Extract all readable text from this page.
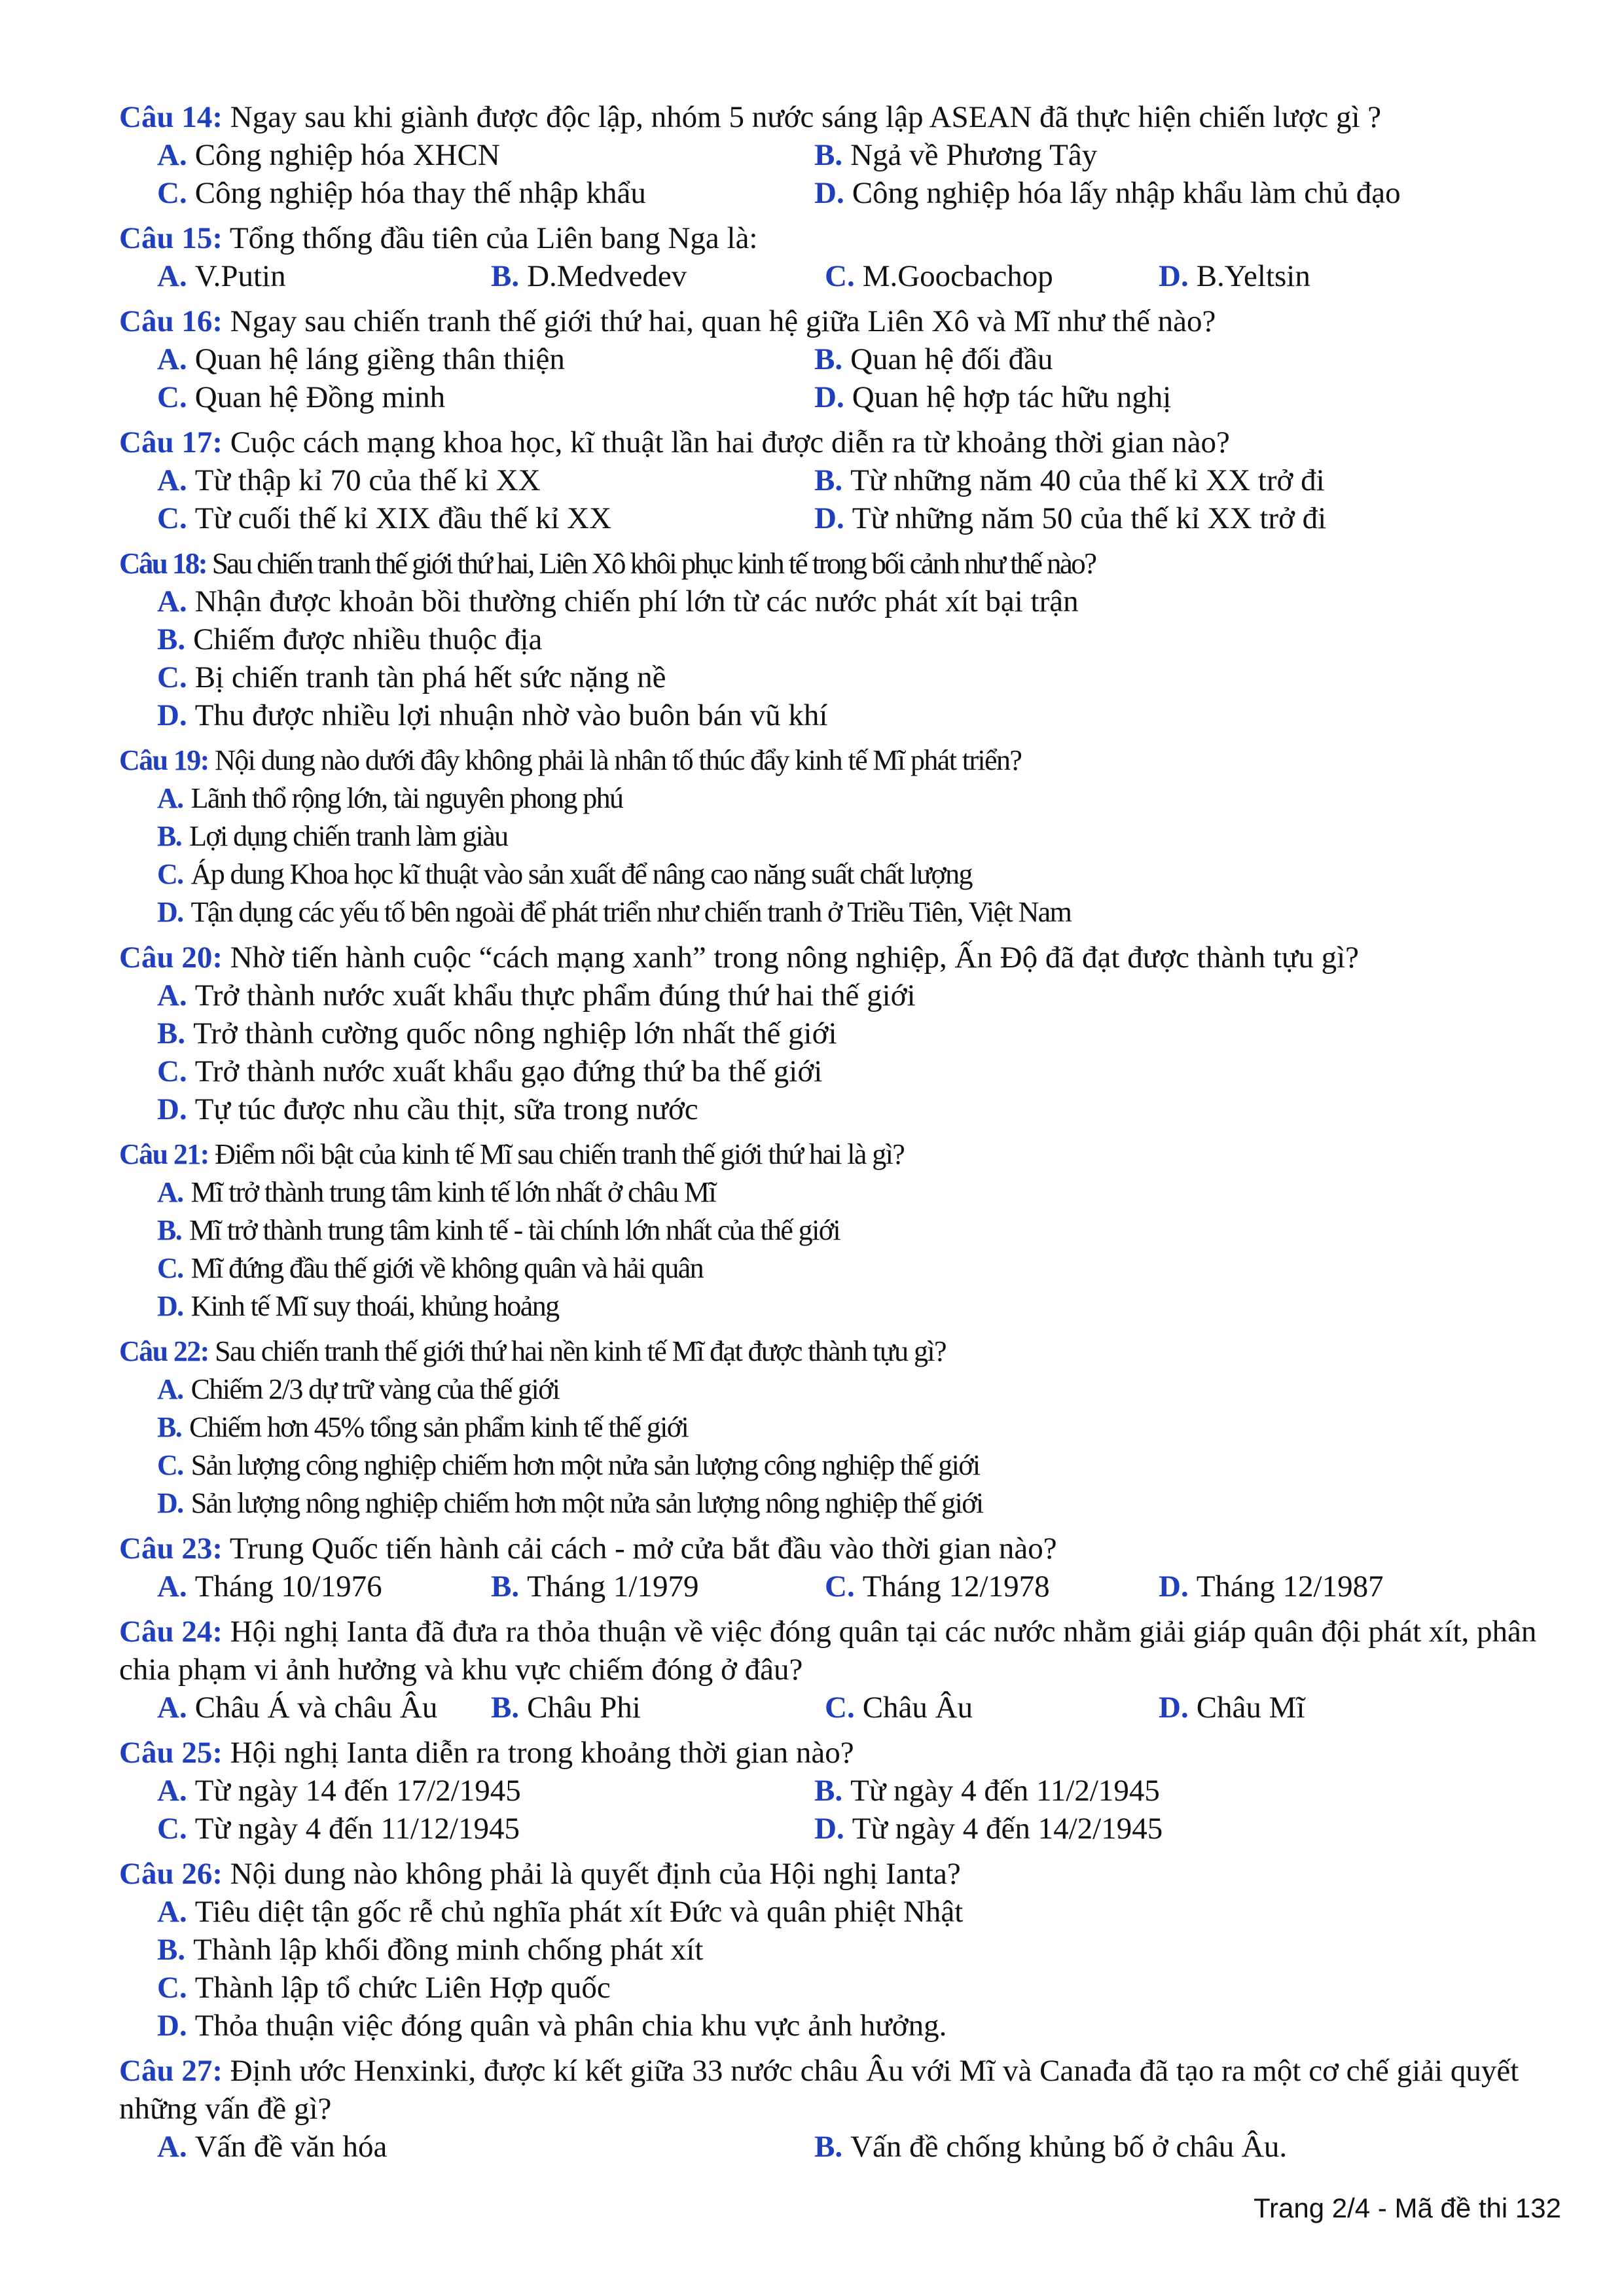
Câu 14: Ngay sau khi giành được độc lập, nhóm 5 nước sáng lập ASEAN đã thực hiện chiến lược gì ?
A. Công nghiệp hóa XHCN	B. Ngả về Phương Tây
C. Công nghiệp hóa thay thế nhập khẩu	D. Công nghiệp hóa lấy nhập khẩu làm chủ đạo
Câu 15: Tổng thống đầu tiên của Liên bang Nga là:
A. V.Putin	B. D.Medvedev	C. M.Goocbachop	D. B.Yeltsin
Câu 16: Ngay sau chiến tranh thế giới thứ hai, quan hệ giữa Liên Xô và Mĩ như thế nào?
A. Quan hệ láng giềng thân thiện	B. Quan hệ đối đầu
C. Quan hệ Đồng minh	D. Quan hệ hợp tác hữu nghị
Câu 17: Cuộc cách mạng khoa học, kĩ thuật lần hai được diễn ra từ khoảng thời gian nào?
A. Từ thập kỉ 70 của thế kỉ XX	B. Từ những năm 40 của thế kỉ XX trở đi
C. Từ cuối thế kỉ XIX đầu thế kỉ XX	D. Từ những năm 50 của thế kỉ XX trở đi
Câu 18: Sau chiến tranh thế giới thứ hai, Liên Xô khôi phục kinh tế trong bối cảnh như thế nào?
A. Nhận được khoản bồi thường chiến phí lớn từ các nước phát xít bại trận
B. Chiếm được nhiều thuộc địa
C. Bị chiến tranh tàn phá hết sức nặng nề
D. Thu được nhiều lợi nhuận nhờ vào buôn bán vũ khí
Câu 19: Nội dung nào dưới đây không phải là nhân tố thúc đẩy kinh tế Mĩ phát triển?
A. Lãnh thổ rộng lớn, tài nguyên phong phú
B. Lợi dụng chiến tranh làm giàu
C. Áp dung Khoa học kĩ thuật vào sản xuất để nâng cao năng suất chất lượng
D. Tận dụng các yếu tố bên ngoài để phát triển như chiến tranh ở Triều Tiên, Việt Nam
Câu 20: Nhờ tiến hành cuộc “cách mạng xanh” trong nông nghiệp, Ấn Độ đã đạt được thành tựu gì?
A. Trở thành nước xuất khẩu thực phẩm đúng thứ hai thế giới
B. Trở thành cường quốc nông nghiệp lớn nhất thế giới
C. Trở thành nước xuất khẩu gạo đứng thứ ba thế giới
D. Tự túc được nhu cầu thịt, sữa trong nước
Câu 21: Điểm nổi bật của kinh tế Mĩ sau chiến tranh thế giới thứ hai là gì?
A. Mĩ trở thành trung tâm kinh tế lớn nhất ở châu Mĩ
B. Mĩ trở thành trung tâm kinh tế - tài chính lớn nhất của thế giới
C. Mĩ đứng đầu thế giới về không quân và hải quân
D. Kinh tế Mĩ suy thoái, khủng hoảng
Câu 22: Sau chiến tranh thế giới thứ hai nền kinh tế Mĩ đạt được thành tựu gì?
A. Chiếm 2/3 dự trữ vàng của thế giới
B. Chiếm hơn 45% tổng sản phẩm kinh tế thế giới
C. Sản lượng công nghiệp chiếm hơn một nửa sản lượng công nghiệp thế giới
D. Sản lượng nông nghiệp chiếm hơn một nửa sản lượng nông nghiệp thế giới
Câu 23: Trung Quốc tiến hành cải cách - mở cửa bắt đầu vào thời gian nào?
A. Tháng 10/1976	B. Tháng 1/1979	C. Tháng 12/1978	D. Tháng 12/1987
Câu 24: Hội nghị Ianta đã đưa ra thỏa thuận về việc đóng quân tại các nước nhằm giải giáp quân đội phát xít, phân chia phạm vi ảnh hưởng và khu vực chiếm đóng ở đâu?
A. Châu Á và châu Âu	B. Châu Phi	C. Châu Âu	D. Châu Mĩ
Câu 25: Hội nghị Ianta diễn ra trong khoảng thời gian nào?
A. Từ ngày 14 đến 17/2/1945	B. Từ ngày 4 đến 11/2/1945
C. Từ ngày 4 đến 11/12/1945	D. Từ ngày 4 đến 14/2/1945
Câu 26: Nội dung nào không phải là quyết định của Hội nghị Ianta?
A. Tiêu diệt tận gốc rễ chủ nghĩa phát xít Đức và quân phiệt Nhật
B. Thành lập khối đồng minh chống phát xít
C. Thành lập tổ chức Liên Hợp quốc
D. Thỏa thuận việc đóng quân và phân chia khu vực ảnh hưởng.
Câu 27: Định ước Henxinki, được kí kết giữa 33 nước châu Âu với Mĩ và Canađa đã tạo ra một cơ chế giải quyết những vấn đề gì?
A. Vấn đề văn hóa	B. Vấn đề chống khủng bố ở châu Âu.
Trang 2/4 - Mã đề thi 132
